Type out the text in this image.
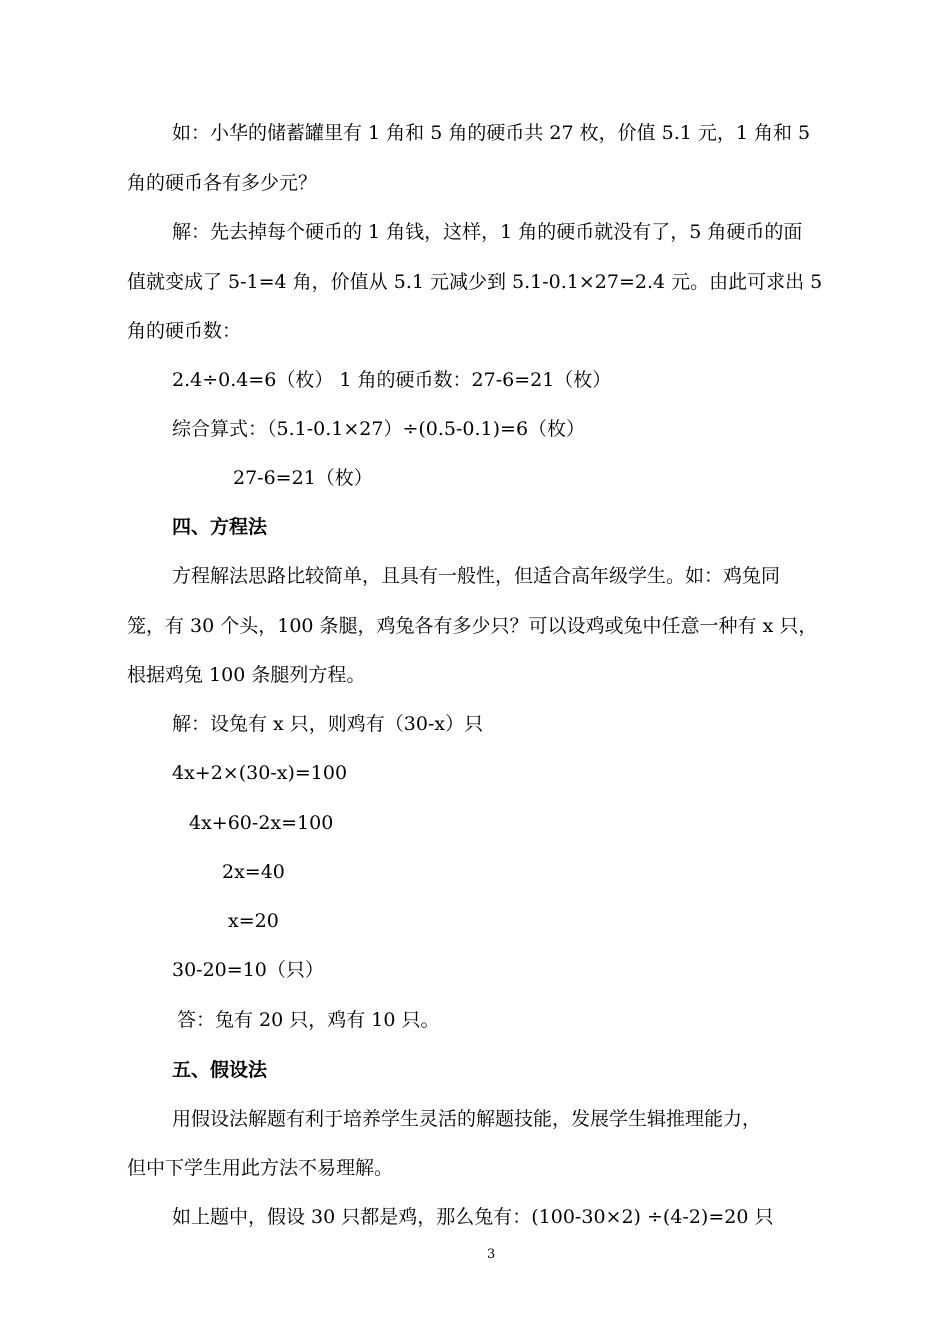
如：小华的储蓄罐里有 1 角和 5 角的硬币共 27 枚，价值 5.1 元，1 角和 5
角的硬币各有多少元？
解：先去掉每个硬币的 1 角钱，这样，1 角的硬币就没有了，5 角硬币的面
值就变成了 5-1=4 角，价值从 5.1 元减少到 5.1-0.1×27=2.4 元。由此可求出 5
角的硬币数：
2.4÷0.4=6（枚） 1 角的硬币数：27-6=21（枚）
综合算式：（5.1-0.1×27）÷(0.5-0.1)=6（枚）
27-6=21（枚）
四、方程法
方程解法思路比较简单，且具有一般性，但适合高年级学生。如：鸡兔同
笼，有 30 个头，100 条腿，鸡兔各有多少只？可以设鸡或兔中任意一种有 x 只，
根据鸡兔 100 条腿列方程。
解：设兔有 x 只，则鸡有（30-x）只
4x+2×(30-x)=100
4x+60-2x=100
2x=40
x=20
30-20=10（只）
答：兔有 20 只，鸡有 10 只。
五、假设法
用假设法解题有利于培养学生灵活的解题技能，发展学生辑推理能力，
但中下学生用此方法不易理解。
如上题中，假设 30 只都是鸡，那么兔有：(100-30×2) ÷(4-2)=20 只
3
